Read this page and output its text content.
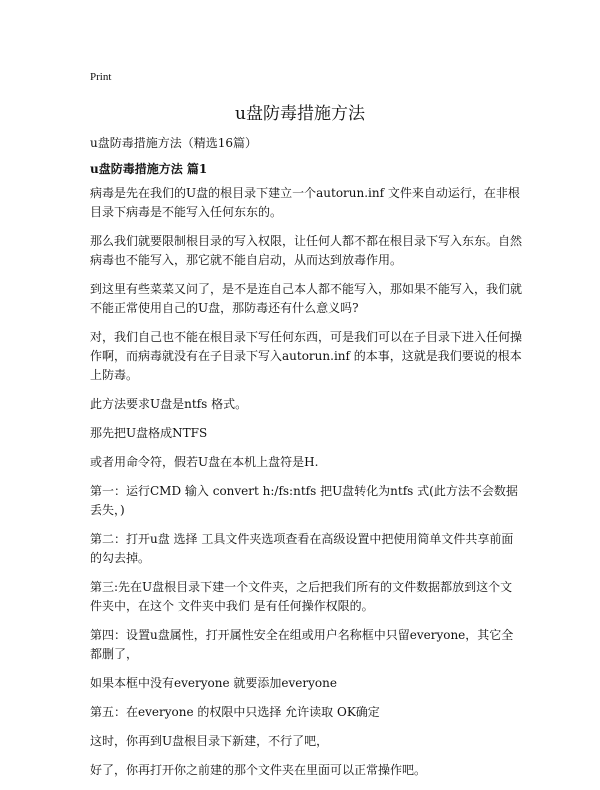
Print
u盘防毒措施方法
u盘防毒措施方法（精选16篇）
u盘防毒措施方法 篇1

病毒是先在我们的U盘的根目录下建立一个autorun.inf 文件来自动运行，在非根目录下病毒是不能写入任何东东的。

那么我们就要限制根目录的写入权限，让任何人都不都在根目录下写入东东。自然病毒也不能写入，那它就不能自启动，从而达到放毒作用。

到这里有些菜菜又问了，是不是连自己本人都不能写入，那如果不能写入，我们就不能正常使用自己的U盘，那防毒还有什么意义吗?

对，我们自己也不能在根目录下写任何东西，可是我们可以在子目录下进入任何操作啊，而病毒就没有在子目录下写入autorun.inf 的本事，这就是我们要说的根本上防毒。

此方法要求U盘是ntfs 格式。

那先把U盘格成NTFS

或者用命令符，假若U盘在本机上盘符是H.

第一：运行CMD 输入 convert h:/fs:ntfs 把U盘转化为ntfs 式(此方法不会数据丢失，)

第二：打开u盘 选择 工具文件夹选项查看在高级设置中把使用简单文件共享前面的勾去掉。

第三:先在U盘根目录下建一个文件夹，之后把我们所有的文件数据都放到这个文件夹中，在这个 文件夹中我们 是有任何操作权限的。

第四：设置u盘属性，打开属性安全在组或用户名称框中只留everyone，其它全都删了，

如果本框中没有everyone 就要添加everyone

第五：在everyone 的权限中只选择 允许读取 OK确定

这时，你再到U盘根目录下新建，不行了吧，

好了，你再打开你之前建的那个文件夹在里面可以正常操作吧。
